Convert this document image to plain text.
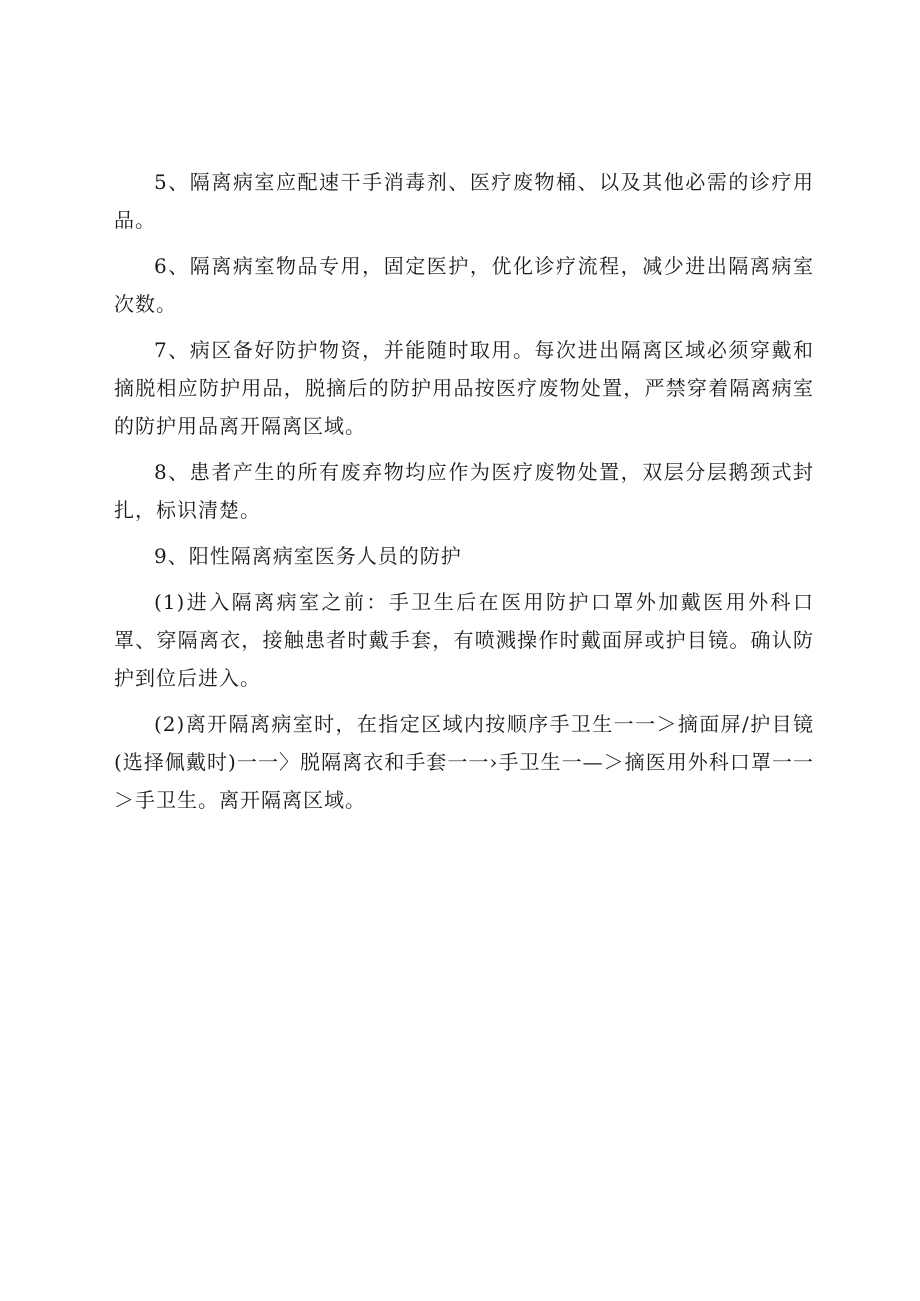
5、隔离病室应配速干手消毒剂、医疗废物桶、以及其他必需的诊疗用品。

6、隔离病室物品专用，固定医护，优化诊疗流程，减少进出隔离病室次数。

7、病区备好防护物资，并能随时取用。每次进出隔离区域必须穿戴和摘脱相应防护用品，脱摘后的防护用品按医疗废物处置，严禁穿着隔离病室的防护用品离开隔离区域。

8、患者产生的所有废弃物均应作为医疗废物处置，双层分层鹅颈式封扎，标识清楚。

9、阳性隔离病室医务人员的防护

(1)进入隔离病室之前：手卫生后在医用防护口罩外加戴医用外科口罩、穿隔离衣，接触患者时戴手套，有喷溅操作时戴面屏或护目镜。确认防护到位后进入。

(2)离开隔离病室时，在指定区域内按顺序手卫生一一＞摘面屏/护目镜(选择佩戴时)一一〉脱隔离衣和手套一一›手卫生一—＞摘医用外科口罩一一＞手卫生。离开隔离区域。
